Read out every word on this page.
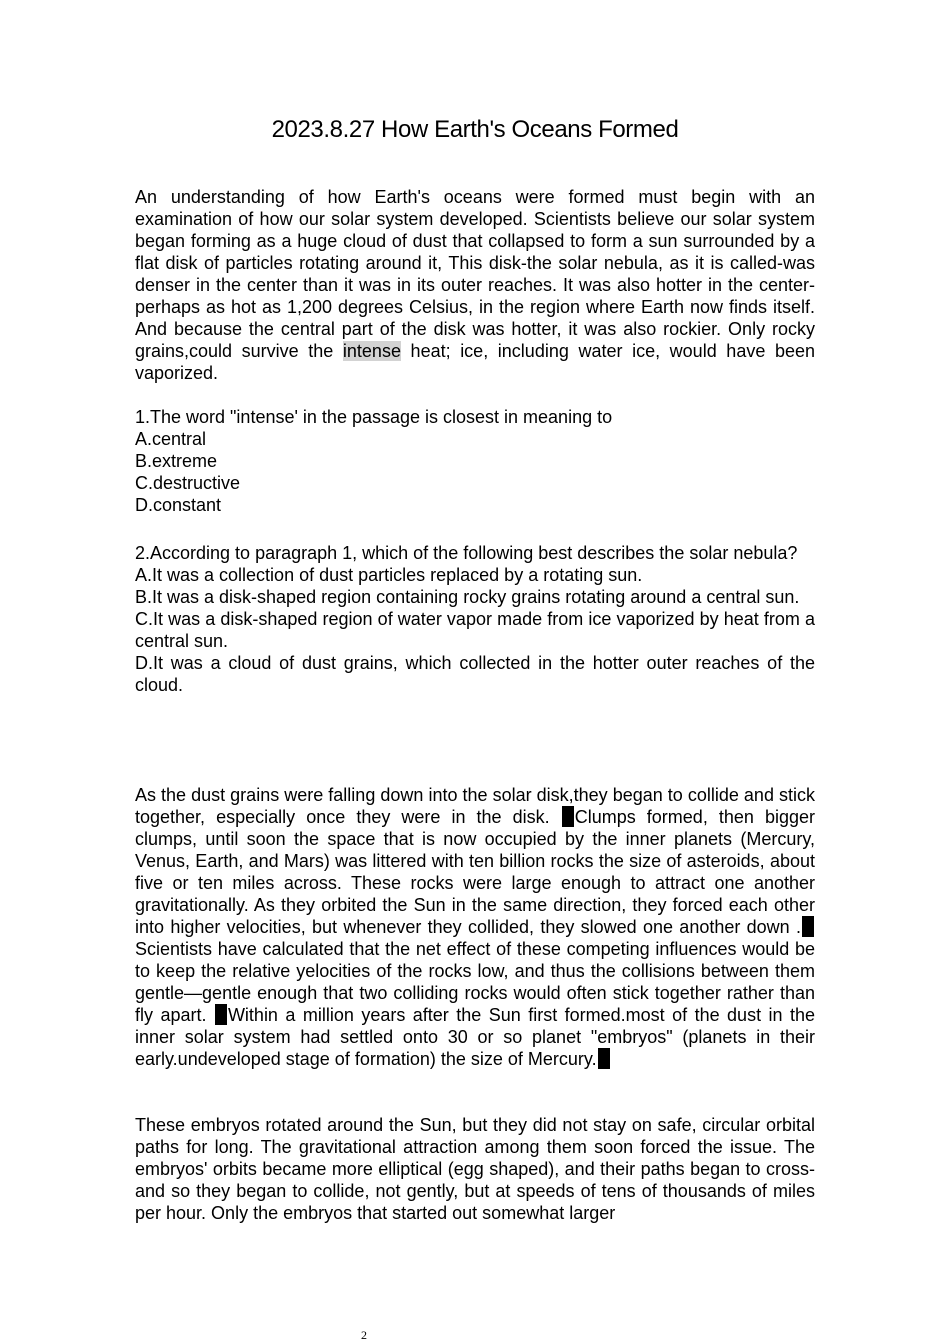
2023.8.27 How Earth's Oceans Formed

An understanding of how Earth's oceans were formed must begin with an examination of how our solar system developed. Scientists believe our solar system began forming as a huge cloud of dust that collapsed to form a sun surrounded by a flat disk of particles rotating around it, This disk-the solar nebula, as it is called-was denser in the center than it was in its outer reaches. It was also hotter in the center-perhaps as hot as 1,200 degrees Celsius, in the region where Earth now finds itself. And because the central part of the disk was hotter, it was also rockier. Only rocky grains,could survive the intense heat; ice, including water ice, would have been vaporized.

1.The word "intense' in the passage is closest in meaning to

A.central

B.extreme

C.destructive

D.constant

2.According to paragraph 1, which of the following best describes the solar nebula?

A.It was a collection of dust particles replaced by a rotating sun.

B.It was a disk-shaped region containing rocky grains rotating around a central sun.

C.It was a disk-shaped region of water vapor made from ice vaporized by heat from a central sun.

D.It was a cloud of dust grains, which collected in the hotter outer reaches of the cloud.

As the dust grains were falling down into the solar disk,they began to collide and stick together, especially once they were in the disk. Clumps formed, then bigger clumps, until soon the space that is now occupied by the inner planets (Mercury, Venus, Earth, and Mars) was littered with ten billion rocks the size of asteroids, about five or ten miles across. These rocks were large enough to attract one another gravitationally. As they orbited the Sun in the same direction, they forced each other into higher velocities, but whenever they collided, they slowed one another down .Scientists have calculated that the net effect of these competing influences would be to keep the relative yelocities of the rocks low, and thus the collisions between them gentle—gentle enough that two colliding rocks would often stick together rather than fly apart. Within a million years after the Sun first formed.most of the dust in the inner solar system had settled onto 30 or so planet "embryos" (planets in their early.undeveloped stage of formation) the size of Mercury.

These embryos rotated around the Sun, but they did not stay on safe, circular orbital paths for long. The gravitational attraction among them soon forced the issue. The embryos' orbits became more elliptical (egg shaped), and their paths began to cross-and so they began to collide, not gently, but at speeds of tens of thousands of miles per hour. Only the embryos that started out somewhat larger

2
